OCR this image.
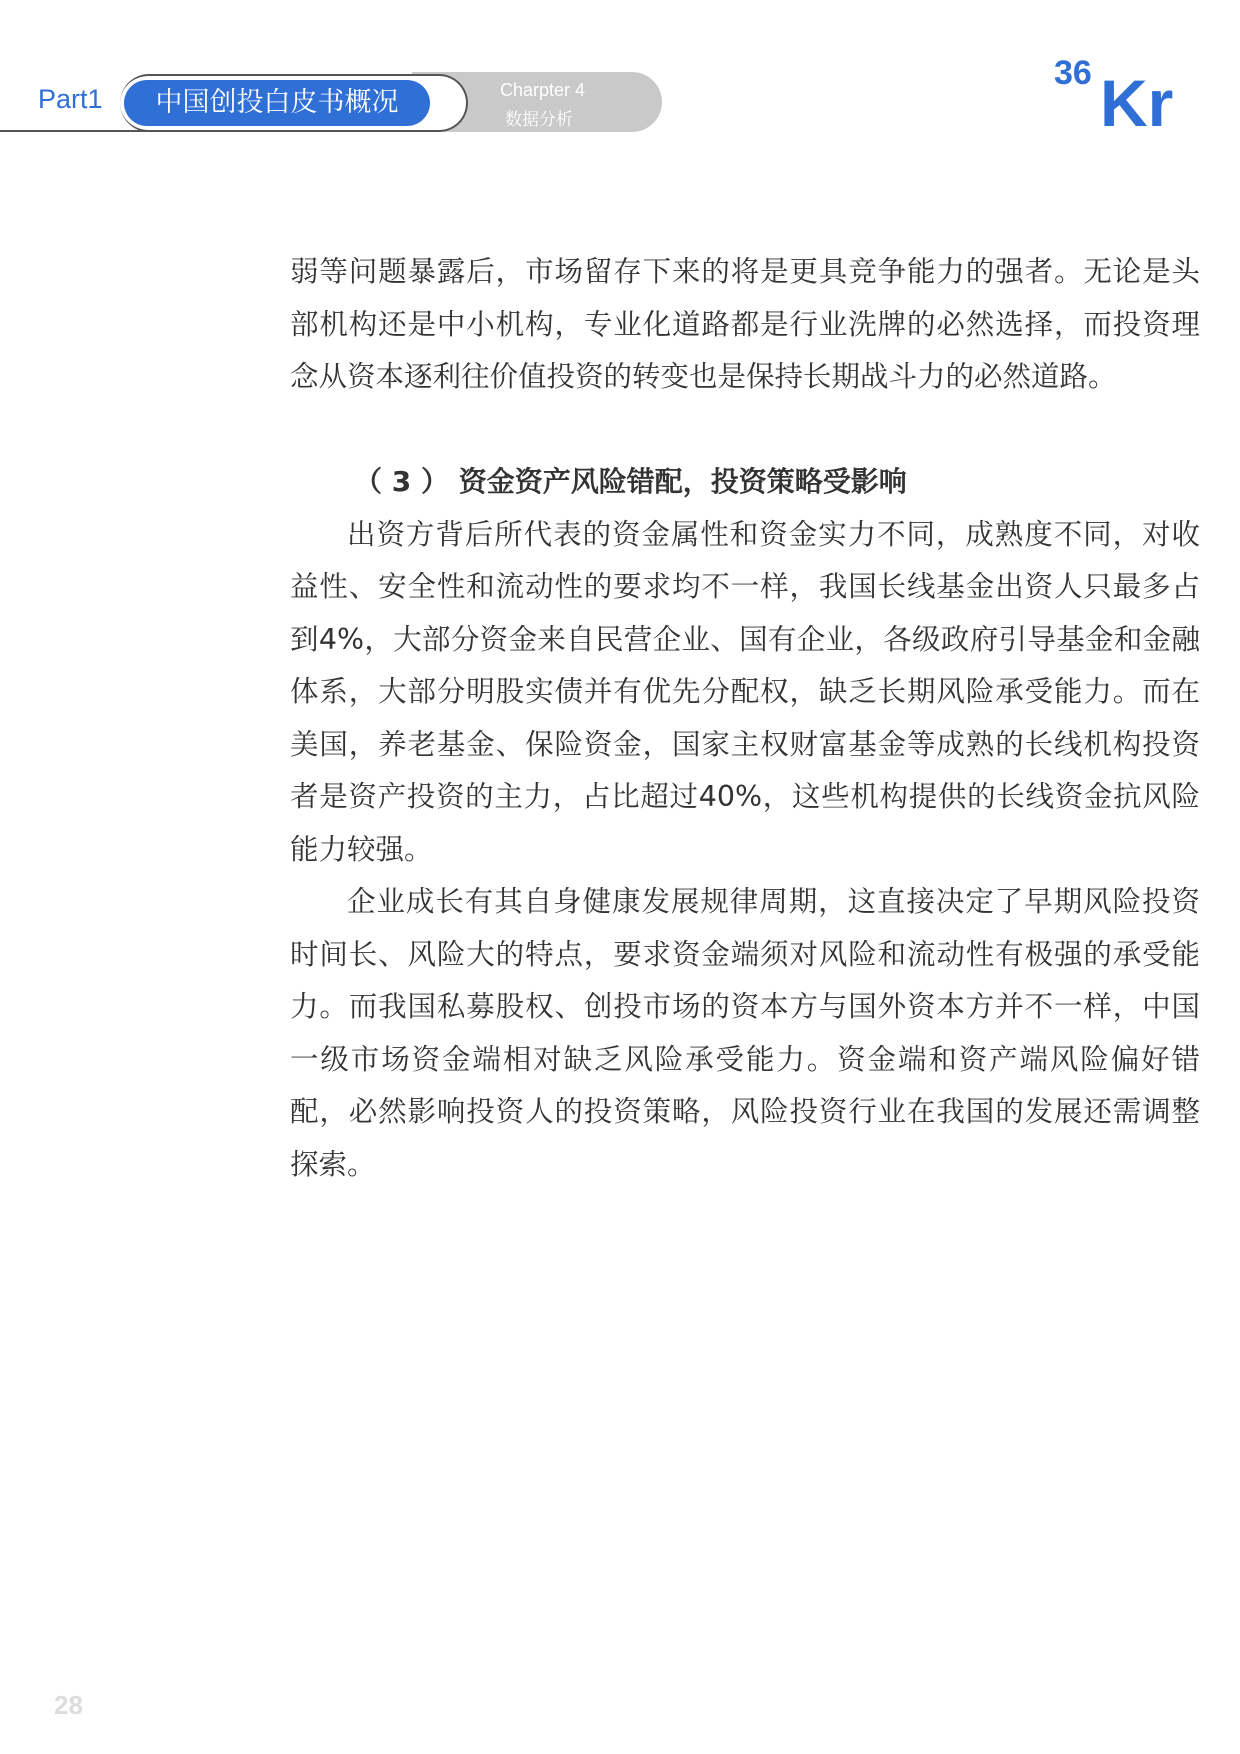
Part1	Charpter 4
数据分析
中国创投白皮书概况
36 Kr

弱等问题暴露后，市场留存下来的将是更具竞争能力的强者。无论是头部机构还是中小机构，专业化道路都是行业洗牌的必然选择，而投资理念从资本逐利往价值投资的转变也是保持长期战斗力的必然道路。

（ 3 ） 资金资产风险错配，投资策略受影响

出资方背后所代表的资金属性和资金实力不同，成熟度不同，对收益性、安全性和流动性的要求均不一样，我国长线基金出资人只最多占到4%，大部分资金来自民营企业、国有企业，各级政府引导基金和金融体系，大部分明股实债并有优先分配权，缺乏长期风险承受能力。而在美国，养老基金、保险资金，国家主权财富基金等成熟的长线机构投资者是资产投资的主力，占比超过40%，这些机构提供的长线资金抗风险能力较强。

企业成长有其自身健康发展规律周期，这直接决定了早期风险投资时间长、风险大的特点，要求资金端须对风险和流动性有极强的承受能力。而我国私募股权、创投市场的资本方与国外资本方并不一样，中国一级市场资金端相对缺乏风险承受能力。资金端和资产端风险偏好错配，必然影响投资人的投资策略，风险投资行业在我国的发展还需调整探索。

28
